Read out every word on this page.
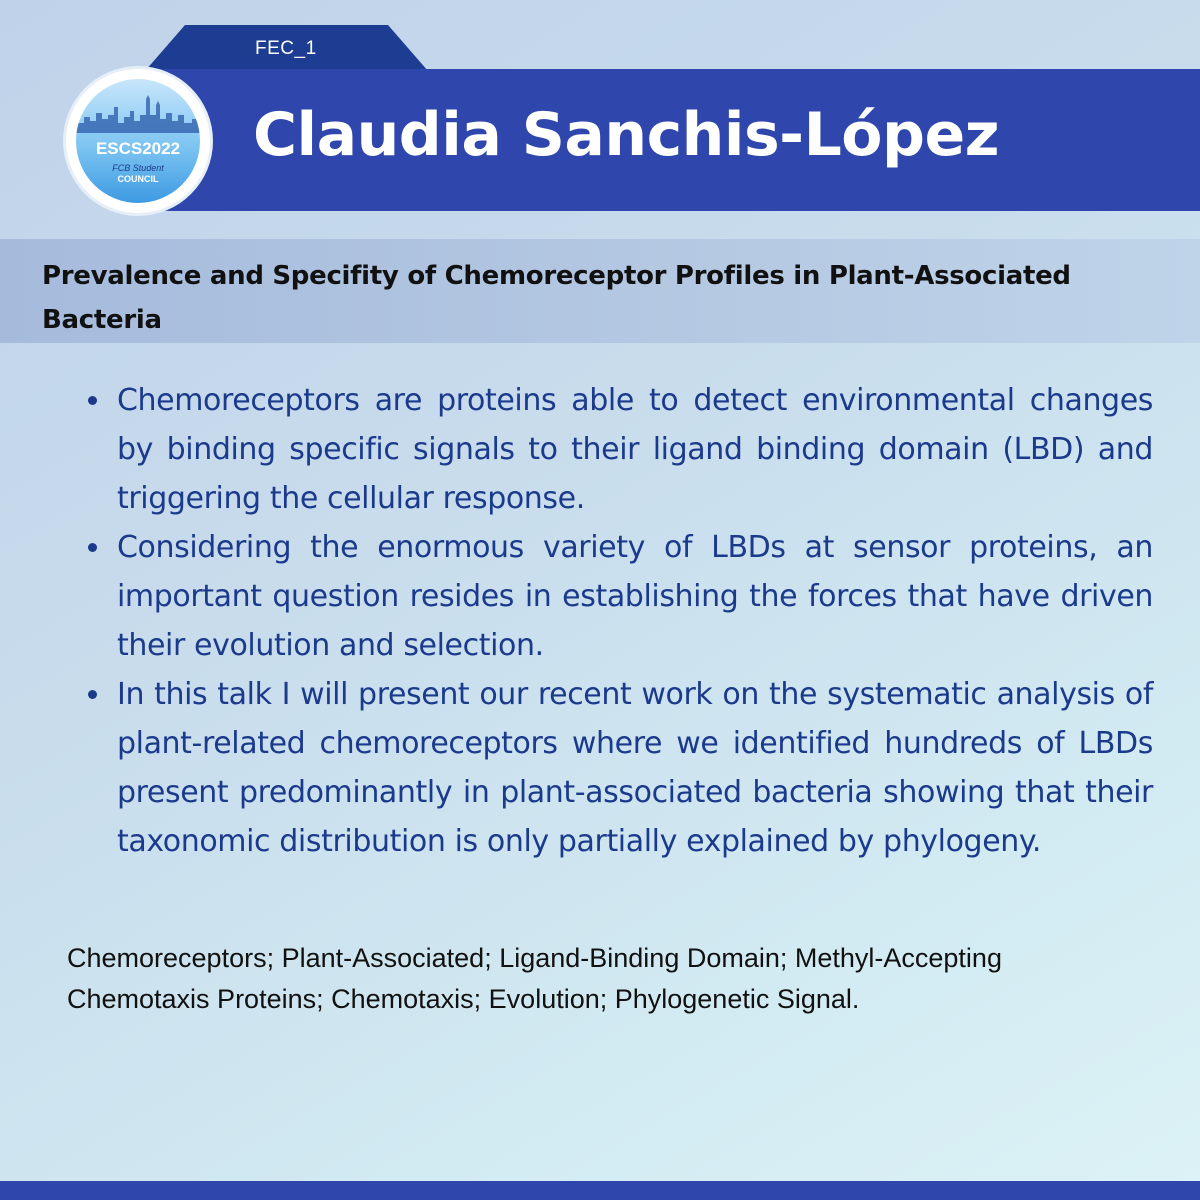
FEC_1
Claudia Sanchis-López
ESCS2022
FCB Student
COUNCIL
Prevalence and Specifity of Chemoreceptor Profiles in Plant-Associated Bacteria
Chemoreceptors are proteins able to detect environmental changes by binding specific signals to their ligand binding domain (LBD) and triggering the cellular response.
Considering the enormous variety of LBDs at sensor proteins, an important question resides in establishing the forces that have driven their evolution and selection.
In this talk I will present our recent work on the systematic analysis of plant-related chemoreceptors where we identified hundreds of LBDs present predominantly in plant-associated bacteria showing that their taxonomic distribution is only partially explained by phylogeny.
Chemoreceptors; Plant-Associated; Ligand-Binding Domain; Methyl-Accepting Chemotaxis Proteins; Chemotaxis; Evolution; Phylogenetic Signal.
